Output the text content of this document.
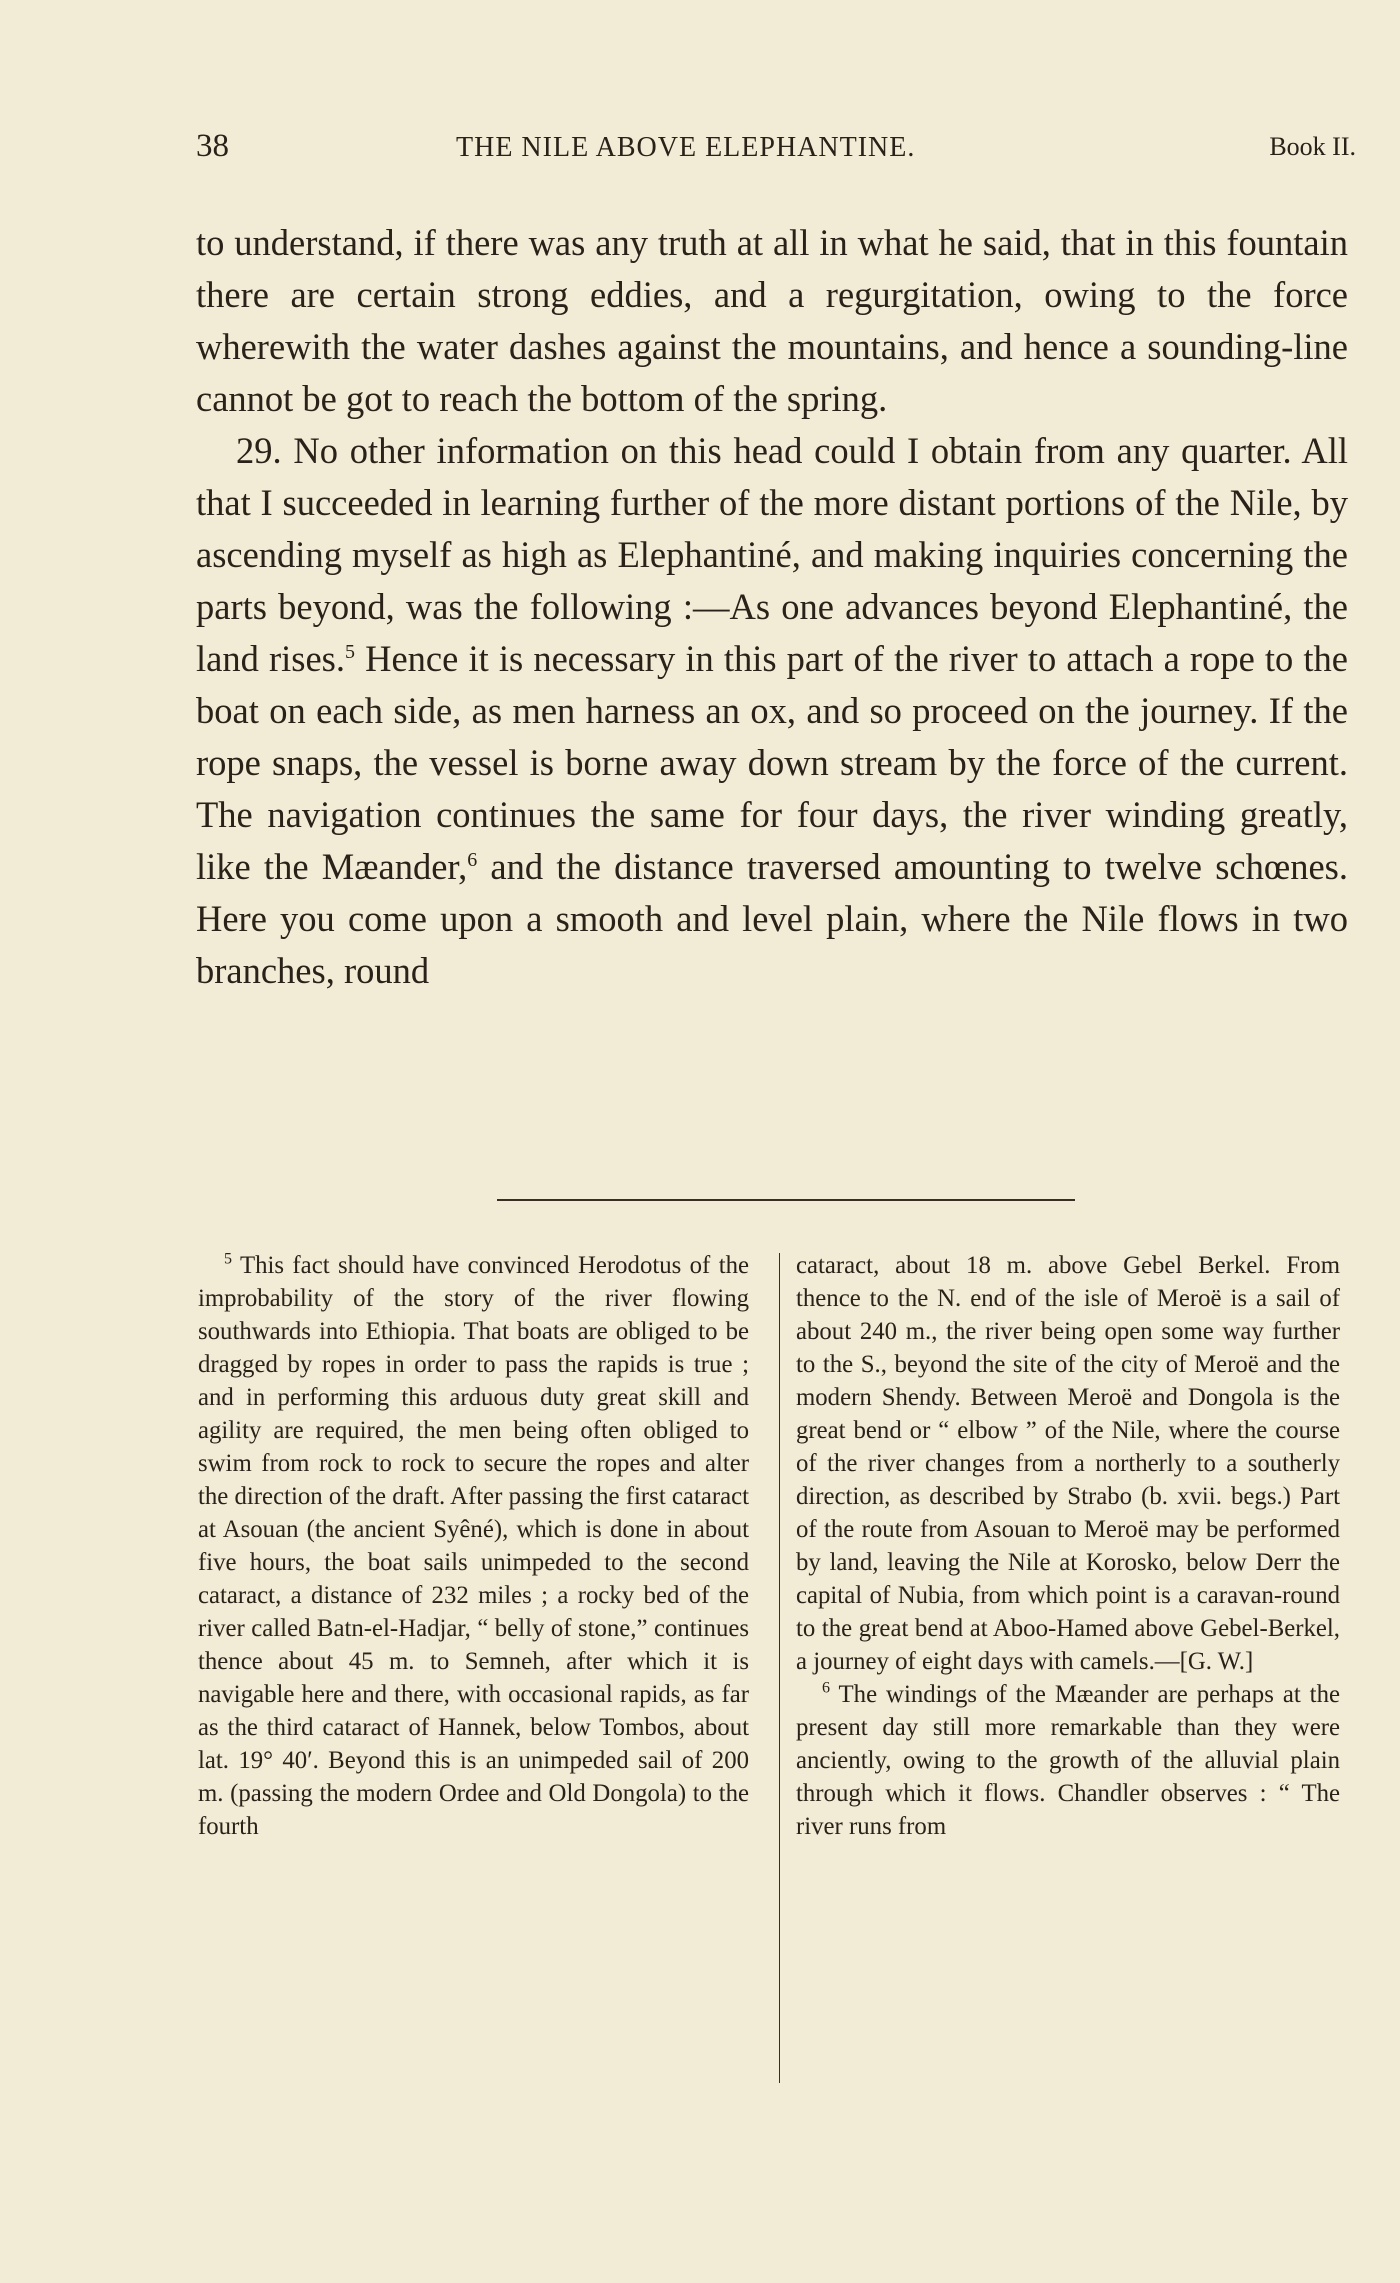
38	THE NILE ABOVE ELEPHANTINE.	Book II.

to understand, if there was any truth at all in what he said, that in this fountain there are certain strong eddies, and a regurgitation, owing to the force wherewith the water dashes against the mountains, and hence a sounding-line cannot be got to reach the bottom of the spring.

29. No other information on this head could I obtain from any quarter. All that I succeeded in learning further of the more distant portions of the Nile, by ascending myself as high as Elephantiné, and making inquiries concerning the parts beyond, was the following :—As one advances beyond Elephantiné, the land rises.$^5$ Hence it is necessary in this part of the river to attach a rope to the boat on each side, as men harness an ox, and so proceed on the journey. If the rope snaps, the vessel is borne away down stream by the force of the current. The navigation continues the same for four days, the river winding greatly, like the Mæander,$^6$ and the distance traversed amounting to twelve schœnes. Here you come upon a smooth and level plain, where the Nile flows in two branches, round

$^5$ This fact should have convinced Herodotus of the improbability of the story of the river flowing southwards into Ethiopia. That boats are obliged to be dragged by ropes in order to pass the rapids is true ; and in performing this arduous duty great skill and agility are required, the men being often obliged to swim from rock to rock to secure the ropes and alter the direction of the draft. After passing the first cataract at Asouan (the ancient Syêné), which is done in about five hours, the boat sails unimpeded to the second cataract, a distance of 232 miles ; a rocky bed of the river called Batn-el-Hadjar, “ belly of stone,” continues thence about 45 m. to Semneh, after which it is navigable here and there, with occasional rapids, as far as the third cataract of Hannek, below Tombos, about lat. 19° 40′. Beyond this is an unimpeded sail of 200 m. (passing the modern Ordee and Old Dongola) to the fourth

cataract, about 18 m. above Gebel Berkel. From thence to the N. end of the isle of Meroë is a sail of about 240 m., the river being open some way further to the S., beyond the site of the city of Meroë and the modern Shendy. Between Meroë and Dongola is the great bend or “ elbow ” of the Nile, where the course of the river changes from a northerly to a southerly direction, as described by Strabo (b. xvii. begs.) Part of the route from Asouan to Meroë may be performed by land, leaving the Nile at Korosko, below Derr the capital of Nubia, from which point is a caravan-round to the great bend at Aboo-Hamed above Gebel-Berkel, a journey of eight days with camels.—[G. W.]

$^6$ The windings of the Mæander are perhaps at the present day still more remarkable than they were anciently, owing to the growth of the alluvial plain through which it flows. Chandler observes : “ The river runs from
